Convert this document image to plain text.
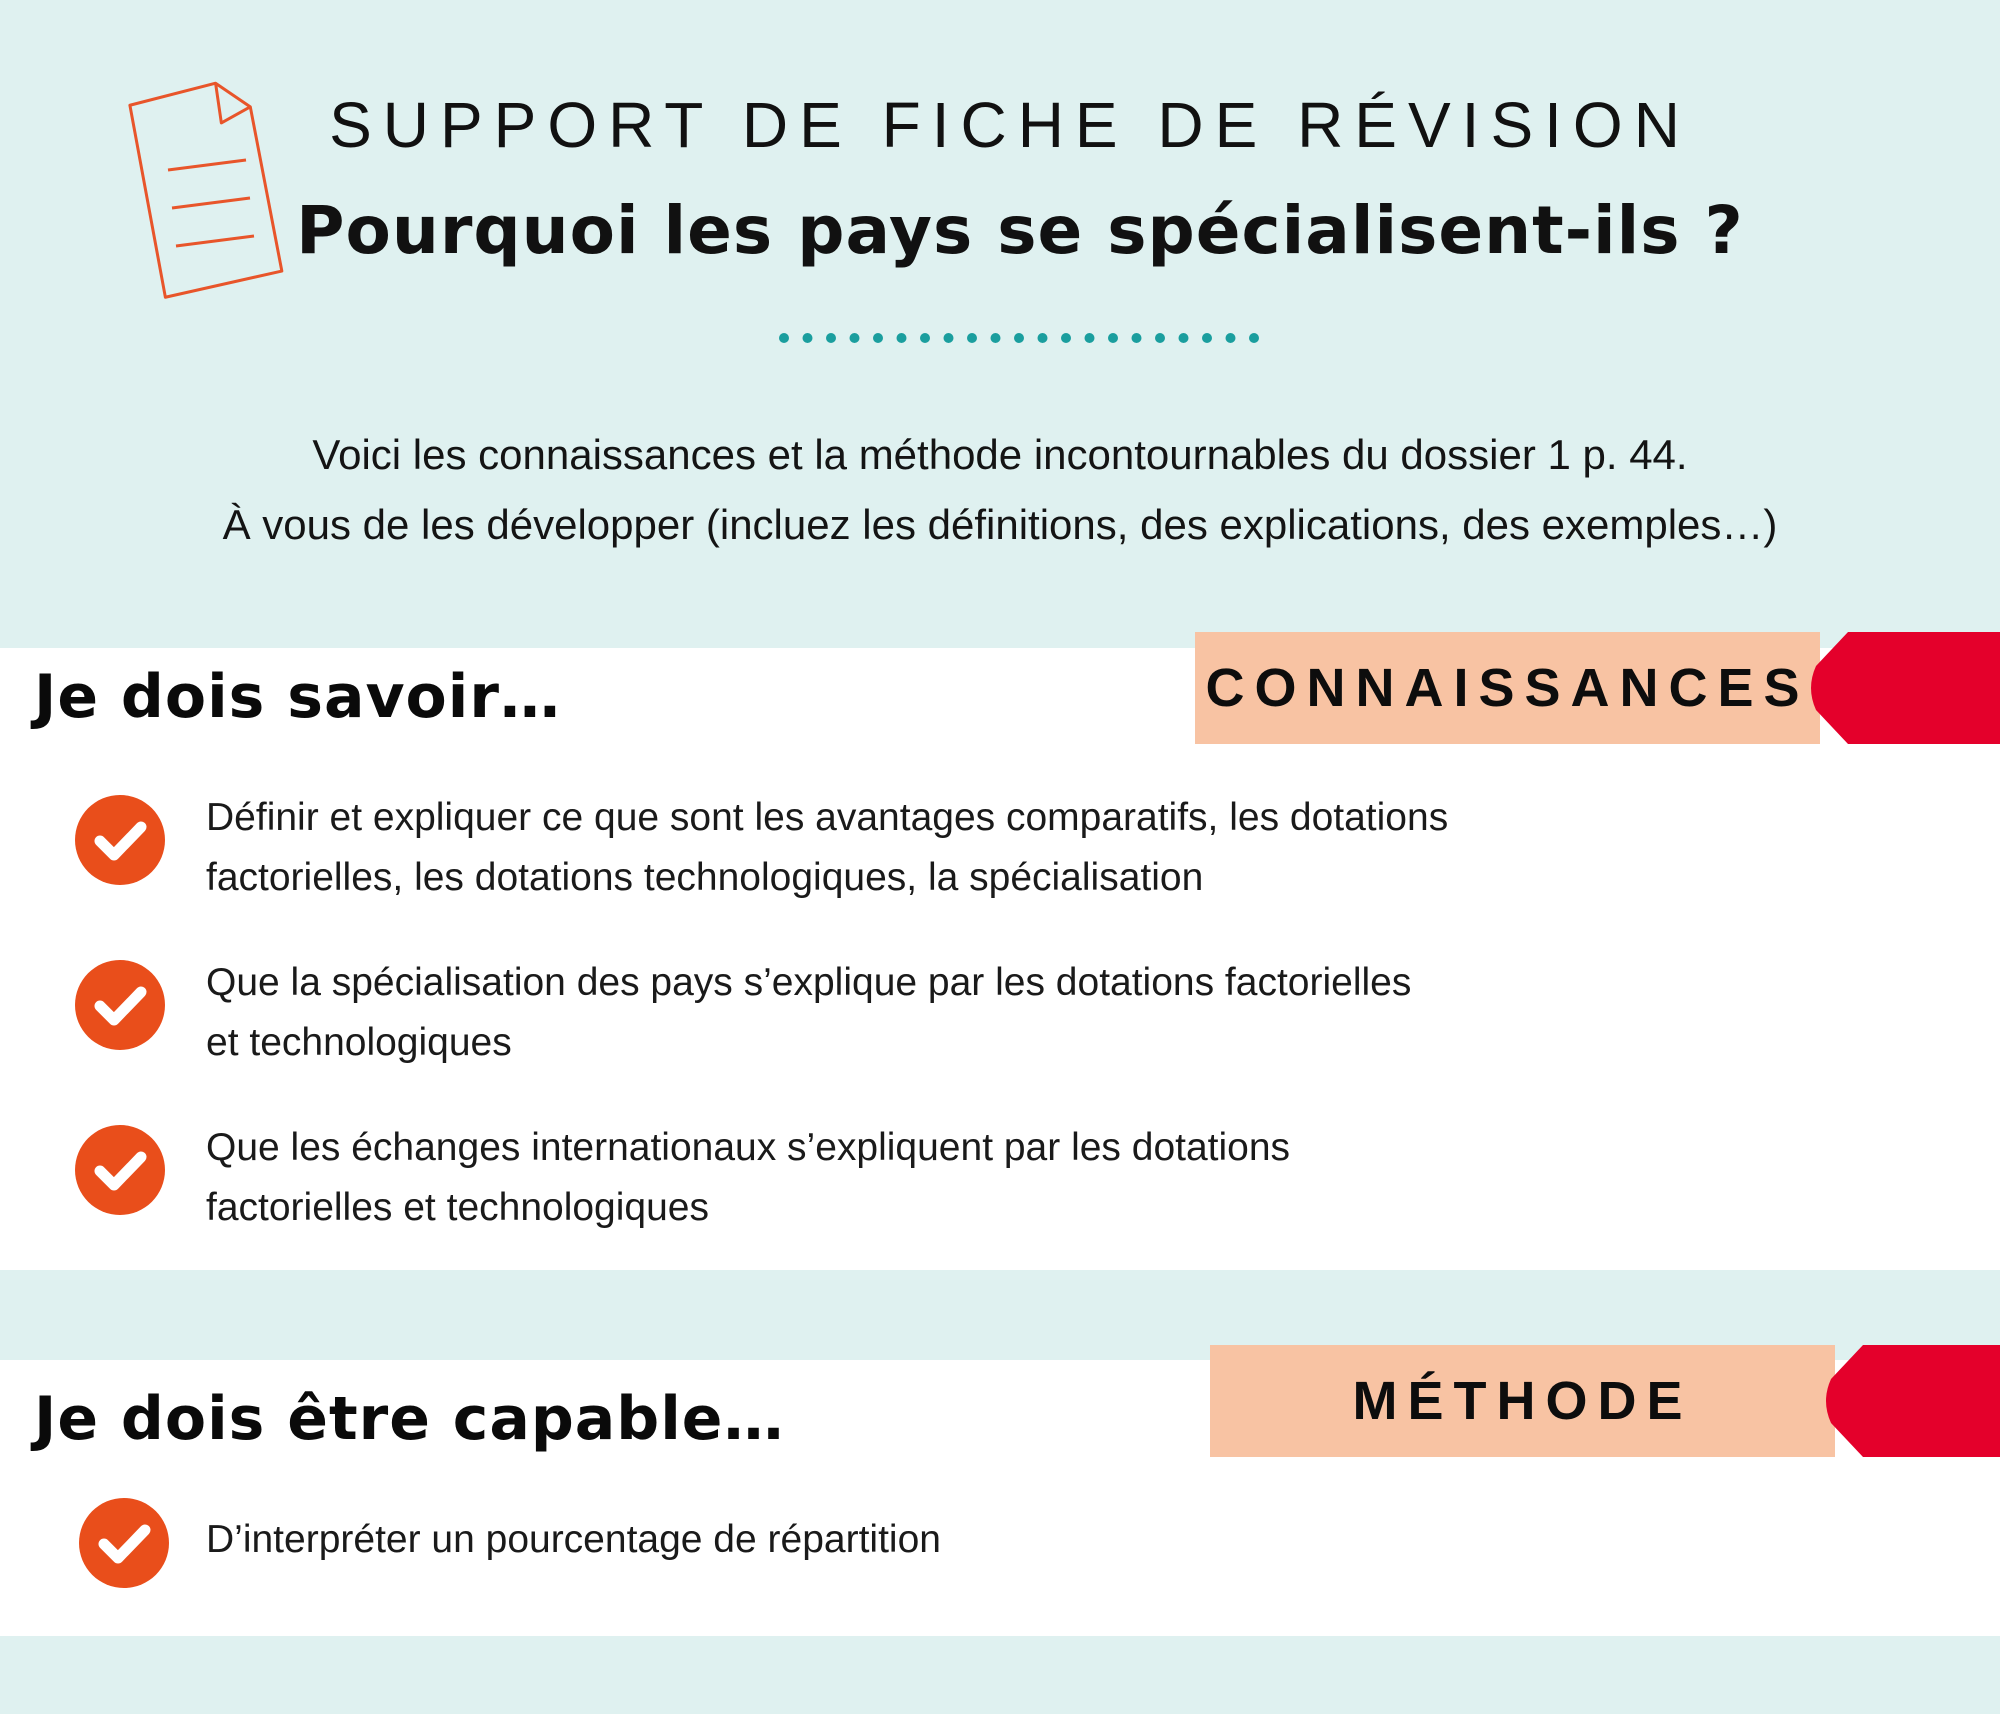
SUPPORT DE FICHE DE RÉVISION
Pourquoi les pays se spécialisent-ils ?
Voici les connaissances et la méthode incontournables du dossier 1 p. 44.
À vous de les développer (incluez les définitions, des explications, des exemples…)
Je dois savoir…	CONNAISSANCES
Définir et expliquer ce que sont les avantages comparatifs, les dotations
factorielles, les dotations technologiques, la spécialisation
Que la spécialisation des pays s’explique par les dotations factorielles
et technologiques
Que les échanges internationaux s’expliquent par les dotations
factorielles et technologiques
Je dois être capable…	MÉTHODE
D’interpréter un pourcentage de répartition
